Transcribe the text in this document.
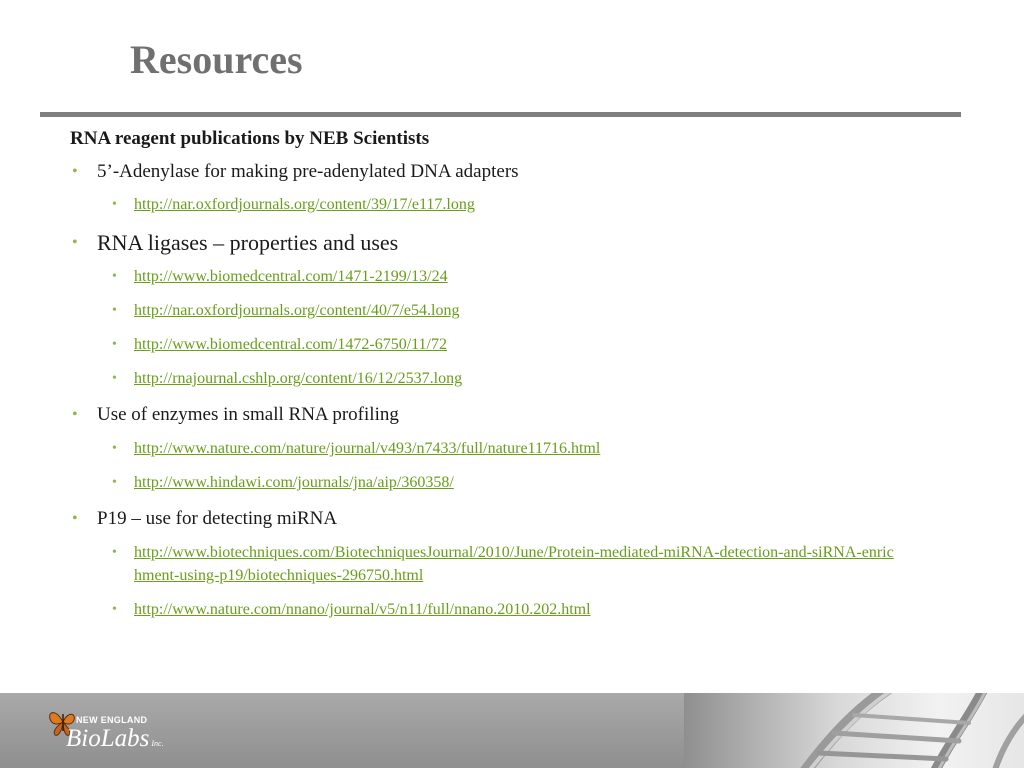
Resources
RNA reagent publications by NEB Scientists
• 5’-Adenylase for making pre-adenylated DNA adapters
• http://nar.oxfordjournals.org/content/39/17/e117.long
• RNA ligases – properties and uses
• http://www.biomedcentral.com/1471-2199/13/24
• http://nar.oxfordjournals.org/content/40/7/e54.long
• http://www.biomedcentral.com/1472-6750/11/72
• http://rnajournal.cshlp.org/content/16/12/2537.long
• Use of enzymes in small RNA profiling
• http://www.nature.com/nature/journal/v493/n7433/full/nature11716.html
• http://www.hindawi.com/journals/jna/aip/360358/
• P19 – use for detecting miRNA
• http://www.biotechniques.com/BiotechniquesJournal/2010/June/Protein-mediated-miRNA-detection-and-siRNA-enrichment-using-p19/biotechniques-296750.html
• http://www.nature.com/nnano/journal/v5/n11/full/nnano.2010.202.html
NEW ENGLAND
BioLabs Inc.
